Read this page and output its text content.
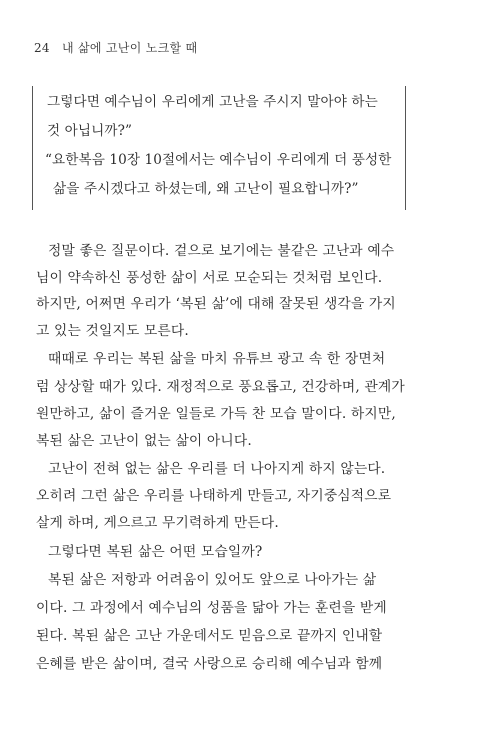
24 내 삶에 고난이 노크할 때
그렇다면 예수님이 우리에게 고난을 주시지 말아야 하는
것 아닙니까?”
“요한복음 10장 10절에서는 예수님이 우리에게 더 풍성한
삶을 주시겠다고 하셨는데, 왜 고난이 필요합니까?”
정말 좋은 질문이다. 겉으로 보기에는 불같은 고난과 예수
님이 약속하신 풍성한 삶이 서로 모순되는 것처럼 보인다.
하지만, 어쩌면 우리가 ‘복된 삶’에 대해 잘못된 생각을 가지
고 있는 것일지도 모른다.
때때로 우리는 복된 삶을 마치 유튜브 광고 속 한 장면처
럼 상상할 때가 있다. 재정적으로 풍요롭고, 건강하며, 관계가
원만하고, 삶이 즐거운 일들로 가득 찬 모습 말이다. 하지만,
복된 삶은 고난이 없는 삶이 아니다.
고난이 전혀 없는 삶은 우리를 더 나아지게 하지 않는다.
오히려 그런 삶은 우리를 나태하게 만들고, 자기중심적으로
살게 하며, 게으르고 무기력하게 만든다.
그렇다면 복된 삶은 어떤 모습일까?
복된 삶은 저항과 어려움이 있어도 앞으로 나아가는 삶
이다. 그 과정에서 예수님의 성품을 닮아 가는 훈련을 받게
된다. 복된 삶은 고난 가운데서도 믿음으로 끝까지 인내할
은혜를 받은 삶이며, 결국 사랑으로 승리해 예수님과 함께
